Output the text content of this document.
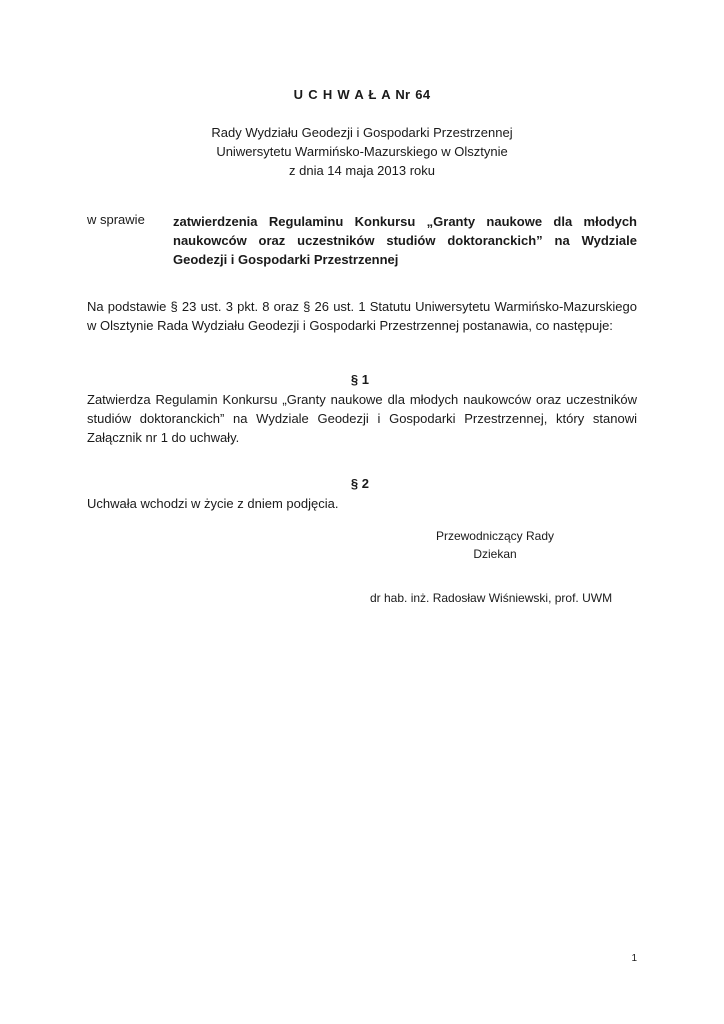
U C H W A Ł A Nr 64
Rady Wydziału Geodezji i Gospodarki Przestrzennej
Uniwersytetu Warmińsko-Mazurskiego w Olsztynie
z dnia 14 maja 2013 roku
w sprawie zatwierdzenia Regulaminu Konkursu „Granty naukowe dla młodych naukowców oraz uczestników studiów doktoranckich” na Wydziale Geodezji i Gospodarki Przestrzennej
Na podstawie § 23 ust. 3 pkt. 8 oraz § 26 ust. 1 Statutu Uniwersytetu Warmińsko-Mazurskiego w Olsztynie Rada Wydziału Geodezji i Gospodarki Przestrzennej postanawia, co następuje:
§ 1
Zatwierdza Regulamin Konkursu „Granty naukowe dla młodych naukowców oraz uczestników studiów doktoranckich” na Wydziale Geodezji i Gospodarki Przestrzennej, który stanowi Załącznik nr 1 do uchwały.
§ 2
Uchwała wchodzi w życie z dniem podjęcia.
Przewodniczący Rady
Dziekan
dr hab. inż. Radosław Wiśniewski, prof. UWM
1
